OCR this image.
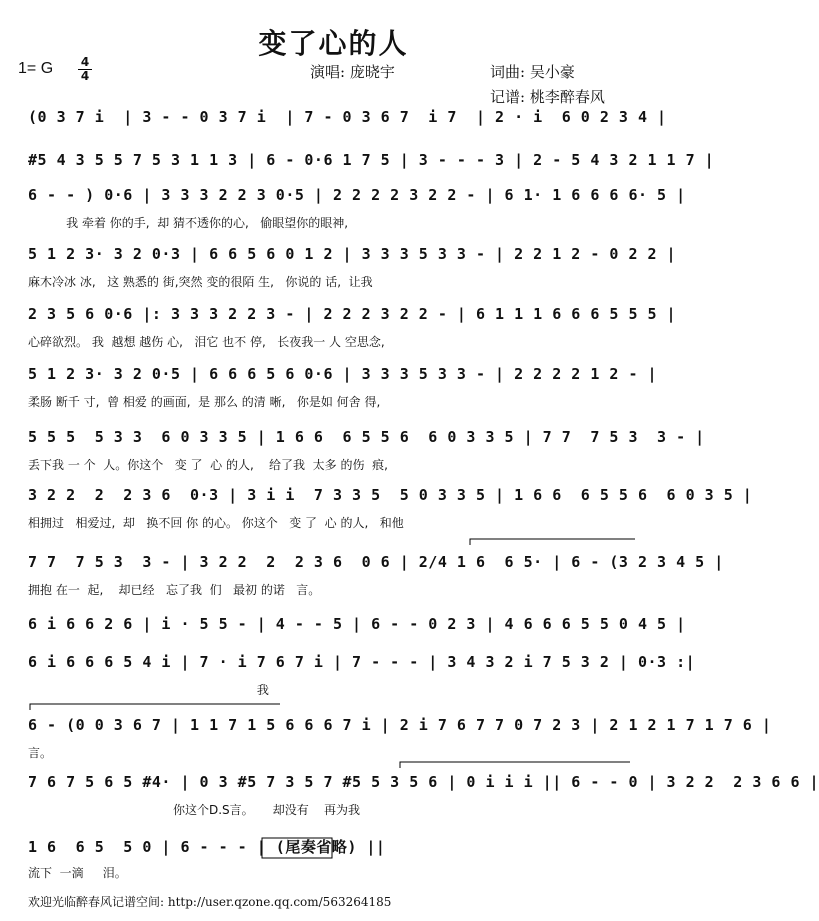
变了心的人
1= G $\frac{4}{4}$	演唱: 庞晓宇	词曲: 吴小豪
记谱: 桃李醉春风
(0 3 7 i  | 3 - - 0 3 7 i  | 7 - 0 3 6 7  i 7  | 2 · i  6 0 2 3 4 |
#5 4 3 5 5 7 5 3 1 1 3 | 6 - 0·6 1 7 5 | 3 - - - 3 | 2 - 5 4 3 2 1 1 7 |
6 - - ) 0·6 | 3 3 3 2 2 3 0·5 | 2 2 2 2 3 2 2 - | 6 1· 1 6 6 6 6· 5 |
我 牵着 你的手,  却 猜不透你的心,   偷眼望你的眼神,
5 1 2 3· 3 2 0·3 | 6 6 5 6 0 1 2 | 3 3 3 5 3 3 - | 2 2 1 2 - 0 2 2 |
麻木冷冰 冰,   这 熟悉的 街,突然 变的很陌 生,   你说的 话,  让我
2 3 5 6 0·6 |: 3 3 3 2 2 3 - | 2 2 2 3 2 2 - | 6 1 1 1 6 6 6 5 5 5 |
心碎欲烈。 我  越想 越伤 心,   泪它 也不 停,   长夜我一 人 空思念,
5 1 2 3· 3 2 0·5 | 6 6 6 5 6 0·6 | 3 3 3 5 3 3 - | 2 2 2 2 1 2 - |
柔肠 断千 寸,  曾 相爱 的画面,  是 那么 的清 晰,   你是如 何舍 得,
5 5 5  5 3 3  6 0 3 3 5 | 1 6 6  6 5 5 6  6 0 3 3 5 | 7 7  7 5 3  3 - |
丢下我 一 个  人。你这个   变 了  心 的人,    给了我  太多 的伤  痕,
3 2 2  2  2 3 6  0·3 | 3 i i  7 3 3 5  5 0 3 3 5 | 1 6 6  6 5 5 6  6 0 3 5 |
相拥过   相爱过,  却   换不回 你 的心。 你这个   变 了  心 的人,   和他
7 7  7 5 3  3 - | 3 2 2  2  2 3 6  0 6 | 2/4 1 6  6 5· | 6 - (3 2 3 4 5 |
拥抱 在一  起,    却已经   忘了我  们   最初 的诺   言。
6 i 6 6 2 6 | i · 5 5 - | 4 - - 5 | 6 - - 0 2 3 | 4 6 6 6 5 5 0 4 5 |
6 i 6 6 6 5 4 i | 7 · i 7 6 7 i | 7 - - - | 3 4 3 2 i 7 5 3 2 | 0·3 :|
我
6 - (0 0 3 6 7 | 1 1 7 1 5 6 6 6 7 i | 2 i 7 6 7 7 0 7 2 3 | 2 1 2 1 7 1 7 6 |
言。
7 6 7 5 6 5 #4· | 0 3 #5 7 3 5 7 #5 5 3 5 6 | 0 i i i || 6 - - 0 | 3 2 2  2 3 6 6 |
你这个D.S言。     却没有    再为我
1 6  6 5  5 0 | 6 - - - | (尾奏省略) ||
流下  一滴     泪。
欢迎光临醉春风记谱空间: http://user.qzone.qq.com/563264185
